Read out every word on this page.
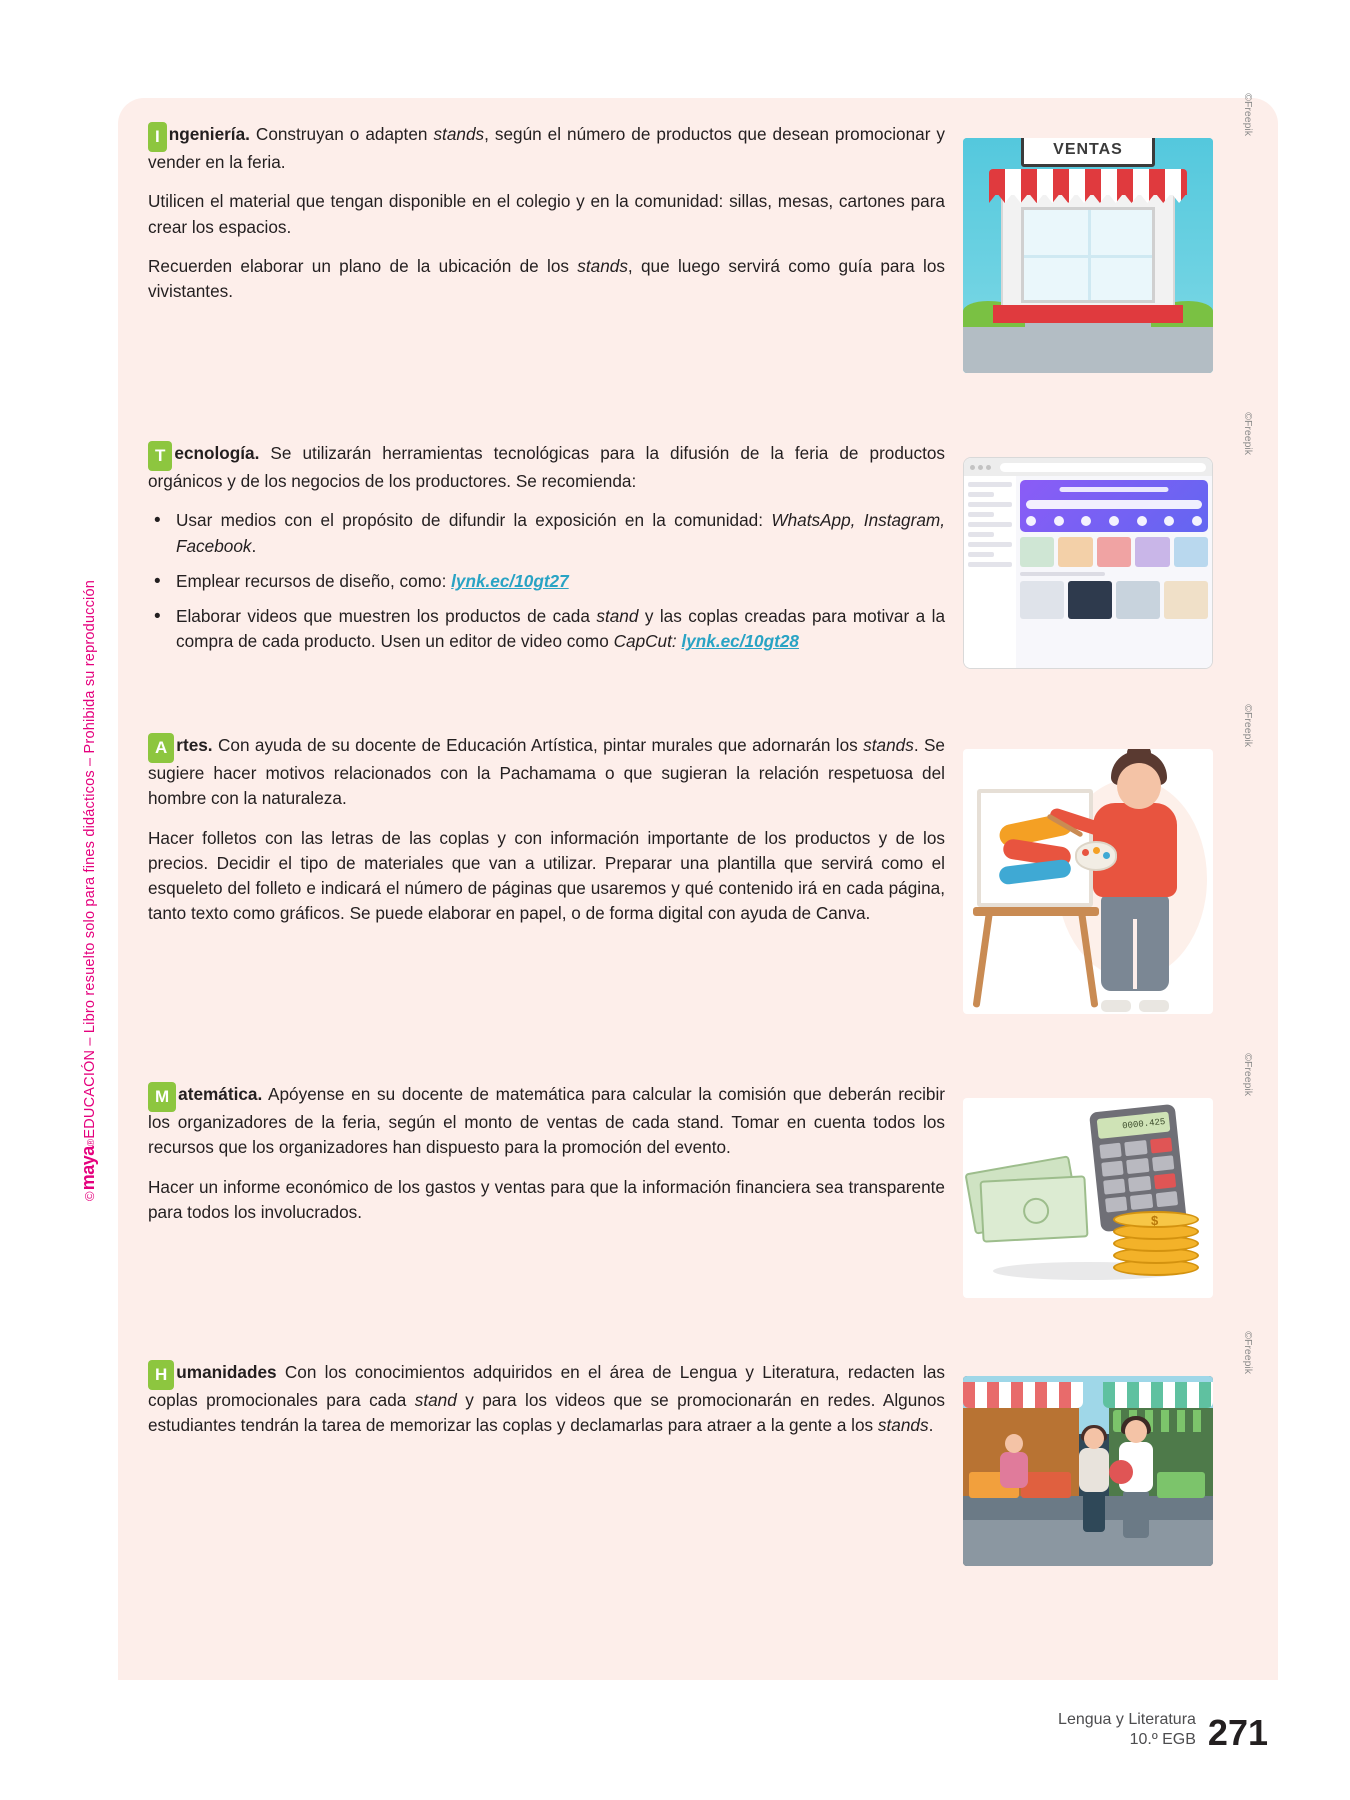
©
maya
®
EDUCACIÓN – Libro resuelto solo para fines didácticos – Prohibida su reproducción

I ngeniería. Construyan o adapten stands, según el número de productos que desean promocionar y vender en la feria.

Utilicen el material que tengan disponible en el colegio y en la comunidad: sillas, mesas, cartones para crear los espacios.

Recuerden elaborar un plano de la ubicación de los stands, que luego servirá como guía para los vivistantes.

©Freepik
VENTAS

T ecnología. Se utilizarán herramientas tecnológicas para la difusión de la feria de productos orgánicos y de los negocios de los productores. Se recomienda:

• Usar medios con el propósito de difundir la exposición en la comunidad: WhatsApp, Instagram, Facebook.
• Emplear recursos de diseño, como: lynk.ec/10gt27
• Elaborar videos que muestren los productos de cada stand y las coplas creadas para motivar a la compra de cada producto. Usen un editor de video como CapCut: lynk.ec/10gt28
©Freepik

A rtes. Con ayuda de su docente de Educación Artística, pintar murales que adornarán los stands. Se sugiere hacer motivos relacionados con la Pachamama o que sugieran la relación respetuosa del hombre con la naturaleza.

Hacer folletos con las letras de las coplas y con información importante de los productos y de los precios. Decidir el tipo de materiales que van a utilizar. Preparar una plantilla que servirá como el esqueleto del folleto e indicará el número de páginas que usaremos y qué contenido irá en cada página, tanto texto como gráficos. Se puede elaborar en papel, o de forma digital con ayuda de Canva.

©Freepik

M atemática. Apóyense en su docente de matemática para calcular la comisión que deberán recibir los organizadores de la feria, según el monto de ventas de cada stand. Tomar en cuenta todos los recursos que los organizadores han dispuesto para la promoción del evento.

Hacer un informe económico de los gastos y ventas para que la información financiera sea transparente para todos los involucrados.

©Freepik
0000.425
$

H umanidades Con los conocimientos adquiridos en el área de Lengua y Literatura, redacten las coplas promocionales para cada stand y para los videos que se promocionarán en redes. Algunos estudiantes tendrán la tarea de memorizar las coplas y declamarlas para atraer a la gente a los stands.

©Freepik
Lengua y Literatura
10.º EGB 271
